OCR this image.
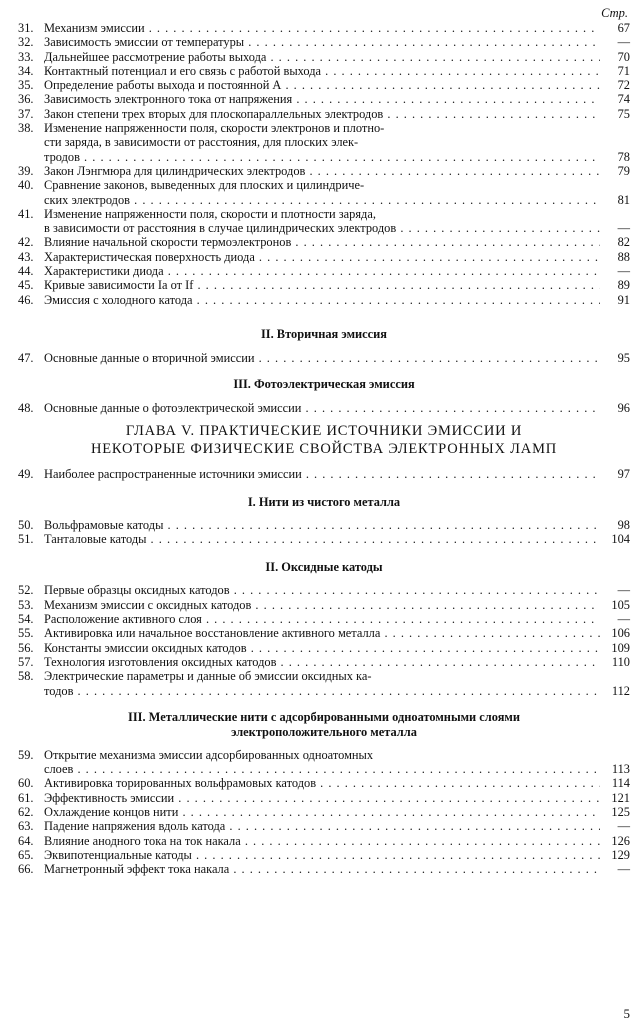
Стр.
31. Механизм эмиссии . . .	67
32. Зависимость эмиссии от температуры . . .	—
33. Дальнейшее рассмотрение работы выхода . . .	70
34. Контактный потенциал и его связь с работой выхода . . .	71
35. Определение работы выхода и постоянной A . . .	72
36. Зависимость электронного тока от напряжения . . .	74
37. Закон степени трех вторых для плоскопараллельных электродов . . .	75
38. Изменение напряженности поля, скорости электронов и плотно-
сти заряда, в зависимости от расстояния, для плоских элек-
тродов . . .	78
39. Закон Лэнгмюра для цилиндрических электродов . . .	79
40. Сравнение законов, выведенных для плоских и цилиндриче-
ских электродов . . .	81
41. Изменение напряженности поля, скорости и плотности заряда,
в зависимости от расстояния в случае цилиндрических электродов . . .	—
42. Влияние начальной скорости термоэлектронов . . .	82
43. Характеристическая поверхность диода . . .	88
44. Характеристики диода . . .	—
45. Кривые зависимости Ia от If . . .	89
46. Эмиссия с холодного катода . . .	91
II. Вторичная эмиссия
47. Основные данные о вторичной эмиссии . . .	95
III. Фотоэлектрическая эмиссия
48. Основные данные о фотоэлектрической эмиссии . . .	96
ГЛАВА V. ПРАКТИЧЕСКИЕ ИСТОЧНИКИ ЭМИССИИ И
НЕКОТОРЫЕ ФИЗИЧЕСКИЕ СВОЙСТВА ЭЛЕКТРОННЫХ ЛАМП
49. Наиболее распространенные источники эмиссии . . .	97
I. Нити из чистого металла
50. Вольфрамовые катоды . . .	98
51. Танталовые катоды . . .	104
II. Оксидные катоды
52. Первые образцы оксидных катодов . . .	—
53. Механизм эмиссии с оксидных катодов . . .	105
54. Расположение активного слоя . . .	—
55. Активировка или начальное восстановление активного металла . . .	106
56. Константы эмиссии оксидных катодов . . .	109
57. Технология изготовления оксидных катодов . . .	110
58. Электрические параметры и данные об эмиссии оксидных ка-
тодов . . .	112
III. Металлические нити с адсорбированными одноатомными слоями
электроположительного металла
59. Открытие механизма эмиссии адсорбированных одноатомных
слоев . . .	113
60. Активировка торированных вольфрамовых катодов . . .	114
61. Эффективность эмиссии . . .	121
62. Охлаждение концов нити . . .	125
63. Падение напряжения вдоль катода . . .	—
64. Влияние анодного тока на ток накала . . .	126
65. Эквипотенциальные катоды . . .	129
66. Магнетронный эффект тока накала . . .	—
5
